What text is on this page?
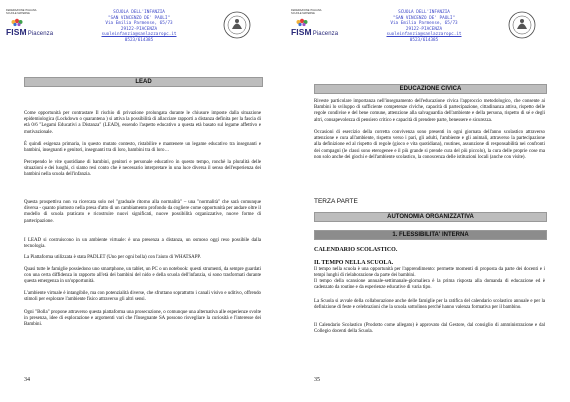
FEDERAZIONE ITALIANA
SCUOLE MATERNE
FISMPiacenza
SCUOLA DELL'INFANZIA
"SAN VINCENZO DE' PAOLI"
Via Emilia Parmense, 65/73
29122-PIACENZA
suoleinfanzia@sanlazzaropc.it
0523/614385
LEAD
Come opportunità per contrastare Il rischio di privazione prolungata durante le chiusure imposte dalla situazione epidemiologica (Lockdown o quarantena ) si attiva la possibilità di allacciare rapporti a distanza definita per la fascia di età 0/6 "Legami Educativi a Distanza" (LEAD), essendo l'aspetto educativo a questa età basato sul legame affettivo e motivazionale.
È quindi esigenza primaria, in questo mutato contesto, ristabilire e mantenere un legame educativo tra insegnanti e bambini, insegnanti e genitori, insegnanti tra di loro, bambini tra di loro…
Percependo le vite quotidiane di bambini, genitori e personale educativo in questo tempo, ronchè la pluralità delle situazioni e dei luoghi, ci siamo resi conto che è necessario interpretare in una luce diversa il senso dell'esperienza dei bambini nella scuola dell'infanzia.
Questa prospettiva non va ricercata solo nel "graduale ritorno alla normalità" – una "normalità" che sarà comunque diversa - quanto piuttosto nella presa d'atto di un cambiamento profondo da cogliere come opportunità per andare oltre il modello di scuola praticato e ricostruire nuovi significati, nuove possibilità organizzative, nuove forme di partecipazione.
I LEAD si costruiscono in un ambiente virtuale: è una presenza a distanza, un osmoso oggi reso possibile dalla tecnologia.
La Piattaforma utilizzata è stata PADLET (Uno per ogni bolla) con l'aiuto di WHATSAPP.
Quasi tutte le famiglie possiedono uno smartphone, un tablet, un PC o un notebook: questi strumenti, da sempre guardati con una certa diffidenza in rapporto all'età dei bambini del nido e della scuola dell'infanzia, si sono trasformati durante questa emergenza in un'opportunità.
L'ambiente virtuale è intangibile, ma con potenzialità diverse, che sfruttano soprattutto i canali visivo e uditivo, offrendo stimoli per esplorare l'ambiente fisico attraverso gli altri sensi.
Ogni "Bolla" propone attraverso questa piattaforma una prosecuzione, o comunque una alternativa alle esperienze svolte in presenza, idee di esplorazione e argomenti vari che l'Insegnante SA possono risvegliare la curiosità e l'interesse dei Bambini.
34
FEDERAZIONE ITALIANA
SCUOLE MATERNE
FISMPiacenza
SCUOLA DELL'INFANZIA
"SAN VINCENZO DE' PAOLI"
Via Emilia Parmense, 65/73
29122-PIACENZA
suoleinfanzia@sanlazzaropc.it
0523/614385
EDUCAZIONE CIVICA
Riveste particolare importanza nell'insegnamento dell'educazione civica l'approccio metodologico, che consente ai Bambini lo sviluppo di sufficiente competenze civiche, capacità di partecipazione, cittadinanza attiva, rispetto delle regole condivise e del bene comune, attenzione alla salvaguardia dell'ambiente e della persona, rispetto di sé e degli altri, consapevolezza di pensiero critico e capacità di prendere parte, benessere e sicurezza.
Occasioni di esercizio della corretta convivenza sono presenti in ogni giornata dell'anno scolastico attraverso attenzione e cura all'ambiente, rispetto verso i pari, gli adulti, l'ambiente e gli animali, attraverso la partecipazione alla definizione ed al rispetto di regole (gioco e vita quotidiana), routines, assunzione di responsabilità nei confronti dei compagni (le classi sono eterogenee e il più grande si prende cura del più piccolo), la cura delle proprie cose ma non solo anche dei giochi e dell'ambiente scolastico, la conoscenza delle istituzioni locali (anche con visite).
TERZA PARTE
AUTONOMIA ORGANIZZATIVA
1. FLESSIBILITA' INTERNA
CALENDARIO SCOLASTICO.
IL TEMPO NELLA SCUOLA.
Il tempo nella scuola è una opportunità per l'apprendimento: permette momenti di proposta da parte dei docenti e i tempi lunghi di rielaborazione da parte dei bambini.
Il tempo della scansione annuale-settimanale-giornaliera è la prima risposta alla domanda di educazione ed è cadenzato da routine e da esperienze educative di varia tipo.
La Scuola si avvale della collaborazione anche delle famiglie per la ratifica del calendario scolastico annuale e per la definizione di feste e celebrazioni che la scuola sottolinea perché hanno valenza formativa per il bambino.
Il Calendario Scolastico (Prodotto come allegato) è approvato dal Gestore, dal consiglio di amministrazione e dal Collegio docenti della Scuola.
35
